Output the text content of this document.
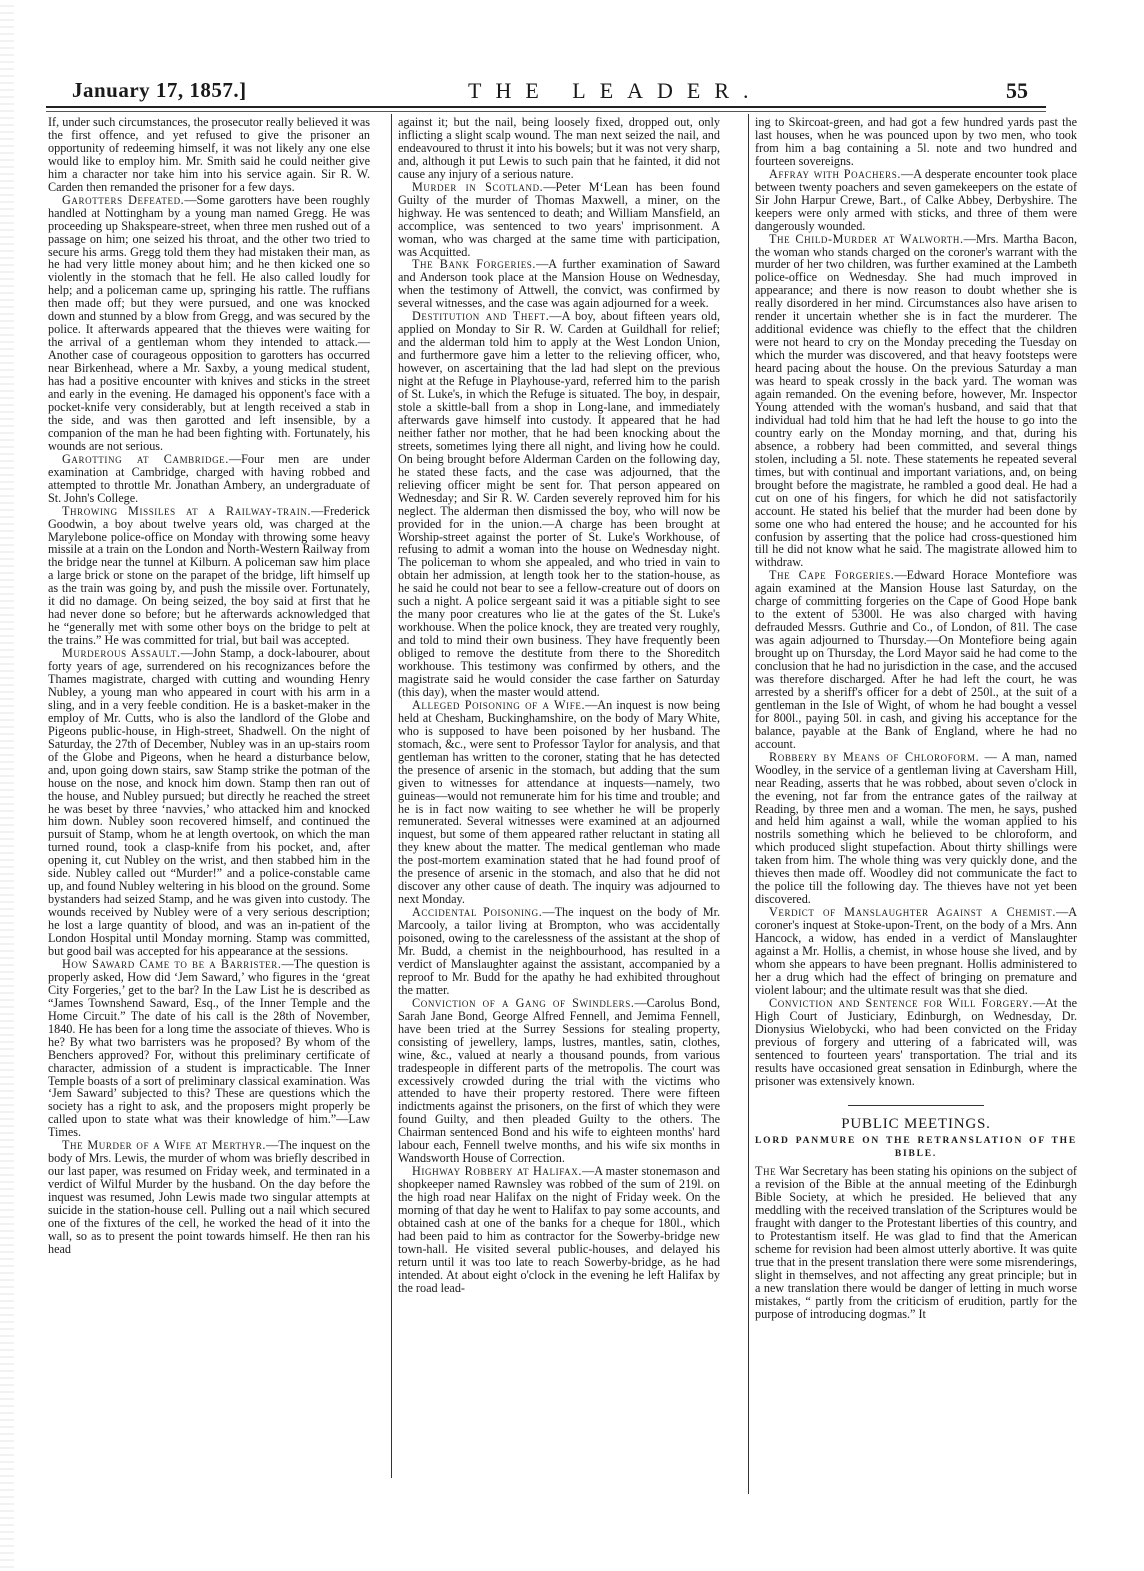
January 17, 1857.]	THE LEADER.	55

If, under such circumstances, the prosecutor really believed it was the first offence, and yet refused to give the prisoner an opportunity of redeeming himself, it was not likely any one else would like to employ him. Mr. Smith said he could neither give him a character nor take him into his service again. Sir R. W. Carden then remanded the prisoner for a few days.

Garotters Defeated.—Some garotters have been roughly handled at Nottingham by a young man named Gregg. He was proceeding up Shakspeare-street, when three men rushed out of a passage on him; one seized his throat, and the other two tried to secure his arms. Gregg told them they had mistaken their man, as he had very little money about him; and he then kicked one so violently in the stomach that he fell. He also called loudly for help; and a policeman came up, springing his rattle. The ruffians then made off; but they were pursued, and one was knocked down and stunned by a blow from Gregg, and was secured by the police. It afterwards appeared that the thieves were waiting for the arrival of a gentleman whom they intended to attack.—Another case of courageous opposition to garotters has occurred near Birkenhead, where a Mr. Saxby, a young medical student, has had a positive encounter with knives and sticks in the street and early in the evening. He damaged his opponent's face with a pocket-knife very considerably, but at length received a stab in the side, and was then garotted and left insensible, by a companion of the man he had been fighting with. Fortunately, his wounds are not serious.

Garotting at Cambridge.—Four men are under examination at Cambridge, charged with having robbed and attempted to throttle Mr. Jonathan Ambery, an undergraduate of St. John's College.

Throwing Missiles at a Railway-train.—Frederick Goodwin, a boy about twelve years old, was charged at the Marylebone police-office on Monday with throwing some heavy missile at a train on the London and North-Western Railway from the bridge near the tunnel at Kilburn. A policeman saw him place a large brick or stone on the parapet of the bridge, lift himself up as the train was going by, and push the missile over. Fortunately, it did no damage. On being seized, the boy said at first that he had never done so before; but he afterwards acknowledged that he “generally met with some other boys on the bridge to pelt at the trains.” He was committed for trial, but bail was accepted.

Murderous Assault.—John Stamp, a dock-labourer, about forty years of age, surrendered on his recognizances before the Thames magistrate, charged with cutting and wounding Henry Nubley, a young man who appeared in court with his arm in a sling, and in a very feeble condition. He is a basket-maker in the employ of Mr. Cutts, who is also the landlord of the Globe and Pigeons public-house, in High-street, Shadwell. On the night of Saturday, the 27th of December, Nubley was in an up-stairs room of the Globe and Pigeons, when he heard a disturbance below, and, upon going down stairs, saw Stamp strike the potman of the house on the nose, and knock him down. Stamp then ran out of the house, and Nubley pursued; but directly he reached the street he was beset by three ‘navvies,’ who attacked him and knocked him down. Nubley soon recovered himself, and continued the pursuit of Stamp, whom he at length overtook, on which the man turned round, took a clasp-knife from his pocket, and, after opening it, cut Nubley on the wrist, and then stabbed him in the side. Nubley called out “Murder!” and a police-constable came up, and found Nubley weltering in his blood on the ground. Some bystanders had seized Stamp, and he was given into custody. The wounds received by Nubley were of a very serious description; he lost a large quantity of blood, and was an in-patient of the London Hospital until Monday morning. Stamp was committed, but good bail was accepted for his appearance at the sessions.

How Saward Came to be a Barrister.—The question is properly asked, How did ‘Jem Saward,’ who figures in the ‘great City Forgeries,’ get to the bar? In the Law List he is described as “James Townshend Saward, Esq., of the Inner Temple and the Home Circuit.” The date of his call is the 28th of November, 1840. He has been for a long time the associate of thieves. Who is he? By what two barristers was he proposed? By whom of the Benchers approved? For, without this preliminary certificate of character, admission of a student is impracticable. The Inner Temple boasts of a sort of preliminary classical examination. Was ‘Jem Saward’ subjected to this? These are questions which the society has a right to ask, and the proposers might properly be called upon to state what was their knowledge of him.”—Law Times.

The Murder of a Wife at Merthyr.—The inquest on the body of Mrs. Lewis, the murder of whom was briefly described in our last paper, was resumed on Friday week, and terminated in a verdict of Wilful Murder by the husband. On the day before the inquest was resumed, John Lewis made two singular attempts at suicide in the station-house cell. Pulling out a nail which secured one of the fixtures of the cell, he worked the head of it into the wall, so as to present the point towards himself. He then ran his head

against it; but the nail, being loosely fixed, dropped out, only inflicting a slight scalp wound. The man next seized the nail, and endeavoured to thrust it into his bowels; but it was not very sharp, and, although it put Lewis to such pain that he fainted, it did not cause any injury of a serious nature.

Murder in Scotland.—Peter M‘Lean has been found Guilty of the murder of Thomas Maxwell, a miner, on the highway. He was sentenced to death; and William Mansfield, an accomplice, was sentenced to two years' imprisonment. A woman, who was charged at the same time with participation, was Acquitted.

The Bank Forgeries.—A further examination of Saward and Anderson took place at the Mansion House on Wednesday, when the testimony of Attwell, the convict, was confirmed by several witnesses, and the case was again adjourned for a week.

Destitution and Theft.—A boy, about fifteen years old, applied on Monday to Sir R. W. Carden at Guildhall for relief; and the alderman told him to apply at the West London Union, and furthermore gave him a letter to the relieving officer, who, however, on ascertaining that the lad had slept on the previous night at the Refuge in Playhouse-yard, referred him to the parish of St. Luke's, in which the Refuge is situated. The boy, in despair, stole a skittle-ball from a shop in Long-lane, and immediately afterwards gave himself into custody. It appeared that he had neither father nor mother, that he had been knocking about the streets, sometimes lying there all night, and living how he could. On being brought before Alderman Carden on the following day, he stated these facts, and the case was adjourned, that the relieving officer might be sent for. That person appeared on Wednesday; and Sir R. W. Carden severely reproved him for his neglect. The alderman then dismissed the boy, who will now be provided for in the union.—A charge has been brought at Worship-street against the porter of St. Luke's Workhouse, of refusing to admit a woman into the house on Wednesday night. The policeman to whom she appealed, and who tried in vain to obtain her admission, at length took her to the station-house, as he said he could not bear to see a fellow-creature out of doors on such a night. A police sergeant said it was a pitiable sight to see the many poor creatures who lie at the gates of the St. Luke's workhouse. When the police knock, they are treated very roughly, and told to mind their own business. They have frequently been obliged to remove the destitute from there to the Shoreditch workhouse. This testimony was confirmed by others, and the magistrate said he would consider the case farther on Saturday (this day), when the master would attend.

Alleged Poisoning of a Wife.—An inquest is now being held at Chesham, Buckinghamshire, on the body of Mary White, who is supposed to have been poisoned by her husband. The stomach, &c., were sent to Professor Taylor for analysis, and that gentleman has written to the coroner, stating that he has detected the presence of arsenic in the stomach, but adding that the sum given to witnesses for attendance at inquests—namely, two guineas—would not remunerate him for his time and trouble; and he is in fact now waiting to see whether he will be properly remunerated. Several witnesses were examined at an adjourned inquest, but some of them appeared rather reluctant in stating all they knew about the matter. The medical gentleman who made the post-mortem examination stated that he had found proof of the presence of arsenic in the stomach, and also that he did not discover any other cause of death. The inquiry was adjourned to next Monday.

Accidental Poisoning.—The inquest on the body of Mr. Marcooly, a tailor living at Brompton, who was accidentally poisoned, owing to the carelessness of the assistant at the shop of Mr. Budd, a chemist in the neighbourhood, has resulted in a verdict of Manslaughter against the assistant, accompanied by a reproof to Mr. Budd for the apathy he had exhibited throughout the matter.

Conviction of a Gang of Swindlers.—Carolus Bond, Sarah Jane Bond, George Alfred Fennell, and Jemima Fennell, have been tried at the Surrey Sessions for stealing property, consisting of jewellery, lamps, lustres, mantles, satin, clothes, wine, &c., valued at nearly a thousand pounds, from various tradespeople in different parts of the metropolis. The court was excessively crowded during the trial with the victims who attended to have their property restored. There were fifteen indictments against the prisoners, on the first of which they were found Guilty, and then pleaded Guilty to the others. The Chairman sentenced Bond and his wife to eighteen months' hard labour each, Fennell twelve months, and his wife six months in Wandsworth House of Correction.

Highway Robbery at Halifax.—A master stonemason and shopkeeper named Rawnsley was robbed of the sum of 219l. on the high road near Halifax on the night of Friday week. On the morning of that day he went to Halifax to pay some accounts, and obtained cash at one of the banks for a cheque for 180l., which had been paid to him as contractor for the Sowerby-bridge new town-hall. He visited several public-houses, and delayed his return until it was too late to reach Sowerby-bridge, as he had intended. At about eight o'clock in the evening he left Halifax by the road lead-

ing to Skircoat-green, and had got a few hundred yards past the last houses, when he was pounced upon by two men, who took from him a bag containing a 5l. note and two hundred and fourteen sovereigns.

Affray with Poachers.—A desperate encounter took place between twenty poachers and seven gamekeepers on the estate of Sir John Harpur Crewe, Bart., of Calke Abbey, Derbyshire. The keepers were only armed with sticks, and three of them were dangerously wounded.

The Child-Murder at Walworth.—Mrs. Martha Bacon, the woman who stands charged on the coroner's warrant with the murder of her two children, was further examined at the Lambeth police-office on Wednesday. She had much improved in appearance; and there is now reason to doubt whether she is really disordered in her mind. Circumstances also have arisen to render it uncertain whether she is in fact the murderer. The additional evidence was chiefly to the effect that the children were not heard to cry on the Monday preceding the Tuesday on which the murder was discovered, and that heavy footsteps were heard pacing about the house. On the previous Saturday a man was heard to speak crossly in the back yard. The woman was again remanded. On the evening before, however, Mr. Inspector Young attended with the woman's husband, and said that that individual had told him that he had left the house to go into the country early on the Monday morning, and that, during his absence, a robbery had been committed, and several things stolen, including a 5l. note. These statements he repeated several times, but with continual and important variations, and, on being brought before the magistrate, he rambled a good deal. He had a cut on one of his fingers, for which he did not satisfactorily account. He stated his belief that the murder had been done by some one who had entered the house; and he accounted for his confusion by asserting that the police had cross-questioned him till he did not know what he said. The magistrate allowed him to withdraw.

The Cape Forgeries.—Edward Horace Montefiore was again examined at the Mansion House last Saturday, on the charge of committing forgeries on the Cape of Good Hope bank to the extent of 5300l. He was also charged with having defrauded Messrs. Guthrie and Co., of London, of 81l. The case was again adjourned to Thursday.—On Montefiore being again brought up on Thursday, the Lord Mayor said he had come to the conclusion that he had no jurisdiction in the case, and the accused was therefore discharged. After he had left the court, he was arrested by a sheriff's officer for a debt of 250l., at the suit of a gentleman in the Isle of Wight, of whom he had bought a vessel for 800l., paying 50l. in cash, and giving his acceptance for the balance, payable at the Bank of England, where he had no account.

Robbery by Means of Chloroform. — A man, named Woodley, in the service of a gentleman living at Caversham Hill, near Reading, asserts that he was robbed, about seven o'clock in the evening, not far from the entrance gates of the railway at Reading, by three men and a woman. The men, he says, pushed and held him against a wall, while the woman applied to his nostrils something which he believed to be chloroform, and which produced slight stupefaction. About thirty shillings were taken from him. The whole thing was very quickly done, and the thieves then made off. Woodley did not communicate the fact to the police till the following day. The thieves have not yet been discovered.

Verdict of Manslaughter Against a Chemist.—A coroner's inquest at Stoke-upon-Trent, on the body of a Mrs. Ann Hancock, a widow, has ended in a verdict of Manslaughter against a Mr. Hollis, a chemist, in whose house she lived, and by whom she appears to have been pregnant. Hollis administered to her a drug which had the effect of bringing on premature and violent labour; and the ultimate result was that she died.

Conviction and Sentence for Will Forgery.—At the High Court of Justiciary, Edinburgh, on Wednesday, Dr. Dionysius Wielobycki, who had been convicted on the Friday previous of forgery and uttering of a fabricated will, was sentenced to fourteen years' transportation. The trial and its results have occasioned great sensation in Edinburgh, where the prisoner was extensively known.

PUBLIC MEETINGS.
LORD PANMURE ON THE RETRANSLATION OF THE BIBLE.

The War Secretary has been stating his opinions on the subject of a revision of the Bible at the annual meeting of the Edinburgh Bible Society, at which he presided. He believed that any meddling with the received translation of the Scriptures would be fraught with danger to the Protestant liberties of this country, and to Protestantism itself. He was glad to find that the American scheme for revision had been almost utterly abortive. It was quite true that in the present translation there were some misrenderings, slight in themselves, and not affecting any great principle; but in a new translation there would be danger of letting in much worse mistakes, “ partly from the criticism of erudition, partly for the purpose of introducing dogmas.” It
